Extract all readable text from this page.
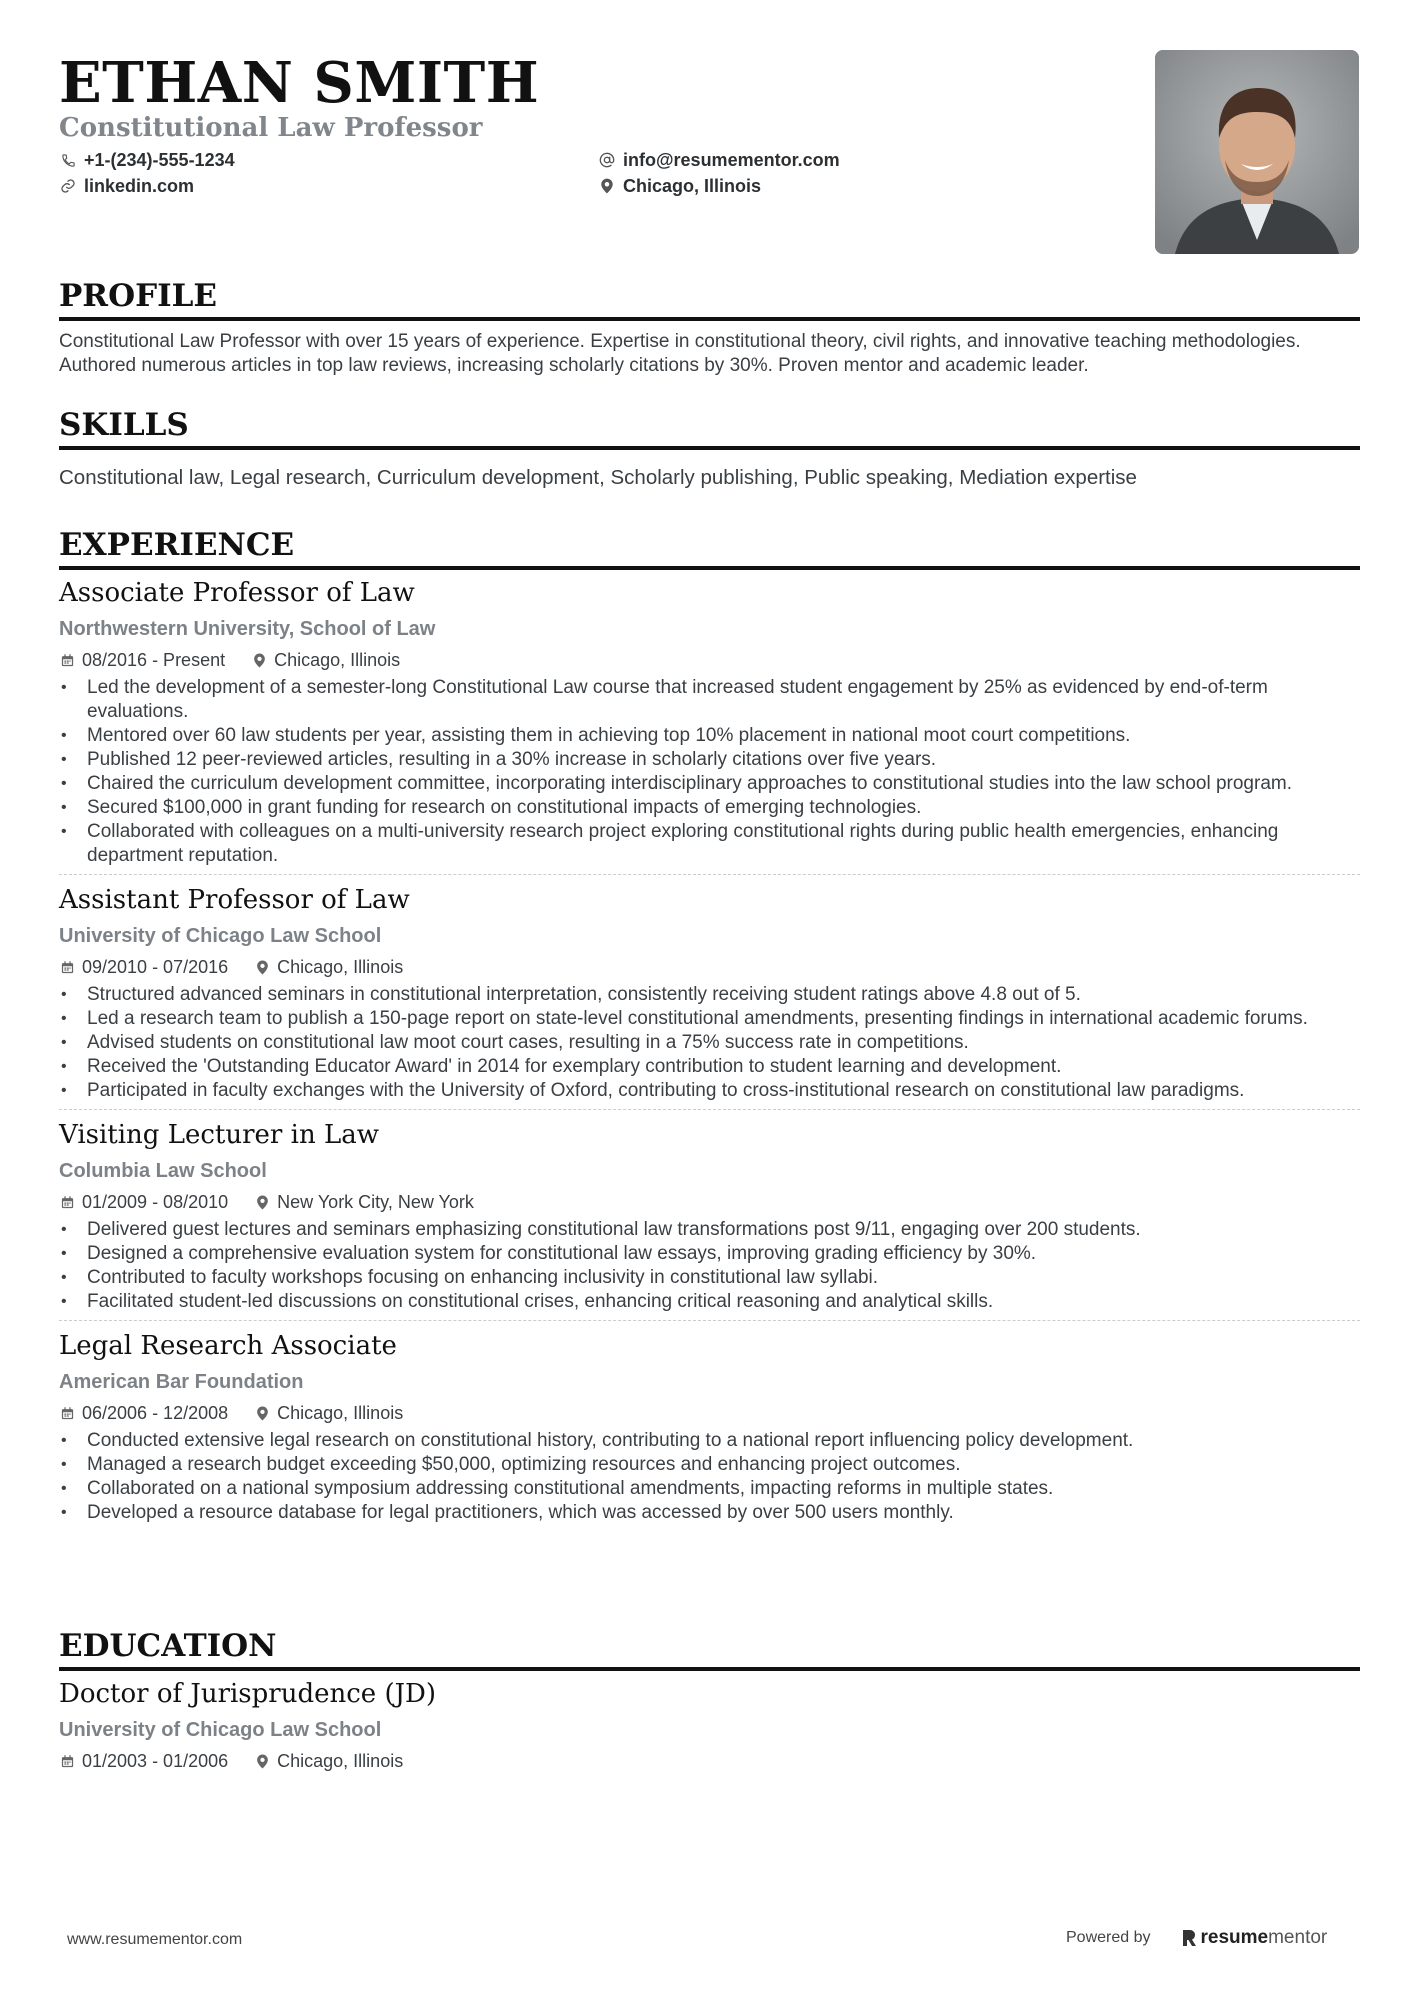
ETHAN SMITH
Constitutional Law Professor
+1-(234)-555-1234
linkedin.com
info@resumementor.com
Chicago, Illinois
PROFILE
Constitutional Law Professor with over 15 years of experience. Expertise in constitutional theory, civil rights, and innovative teaching methodologies. Authored numerous articles in top law reviews, increasing scholarly citations by 30%. Proven mentor and academic leader.
SKILLS
Constitutional law, Legal research, Curriculum development, Scholarly publishing, Public speaking, Mediation expertise
EXPERIENCE
Associate Professor of Law
Northwestern University, School of Law
08/2016 - Present	Chicago, Illinois
• Led the development of a semester-long Constitutional Law course that increased student engagement by 25% as evidenced by end-of-term evaluations.
• Mentored over 60 law students per year, assisting them in achieving top 10% placement in national moot court competitions.
• Published 12 peer-reviewed articles, resulting in a 30% increase in scholarly citations over five years.
• Chaired the curriculum development committee, incorporating interdisciplinary approaches to constitutional studies into the law school program.
• Secured $100,000 in grant funding for research on constitutional impacts of emerging technologies.
• Collaborated with colleagues on a multi-university research project exploring constitutional rights during public health emergencies, enhancing department reputation.
Assistant Professor of Law
University of Chicago Law School
09/2010 - 07/2016	Chicago, Illinois
• Structured advanced seminars in constitutional interpretation, consistently receiving student ratings above 4.8 out of 5.
• Led a research team to publish a 150-page report on state-level constitutional amendments, presenting findings in international academic forums.
• Advised students on constitutional law moot court cases, resulting in a 75% success rate in competitions.
• Received the 'Outstanding Educator Award' in 2014 for exemplary contribution to student learning and development.
• Participated in faculty exchanges with the University of Oxford, contributing to cross-institutional research on constitutional law paradigms.
Visiting Lecturer in Law
Columbia Law School
01/2009 - 08/2010	New York City, New York
• Delivered guest lectures and seminars emphasizing constitutional law transformations post 9/11, engaging over 200 students.
• Designed a comprehensive evaluation system for constitutional law essays, improving grading efficiency by 30%.
• Contributed to faculty workshops focusing on enhancing inclusivity in constitutional law syllabi.
• Facilitated student-led discussions on constitutional crises, enhancing critical reasoning and analytical skills.
Legal Research Associate
American Bar Foundation
06/2006 - 12/2008	Chicago, Illinois
• Conducted extensive legal research on constitutional history, contributing to a national report influencing policy development.
• Managed a research budget exceeding $50,000, optimizing resources and enhancing project outcomes.
• Collaborated on a national symposium addressing constitutional amendments, impacting reforms in multiple states.
• Developed a resource database for legal practitioners, which was accessed by over 500 users monthly.
EDUCATION
Doctor of Jurisprudence (JD)
University of Chicago Law School
01/2003 - 01/2006	Chicago, Illinois
www.resumementor.com	Powered by	resume mentor
